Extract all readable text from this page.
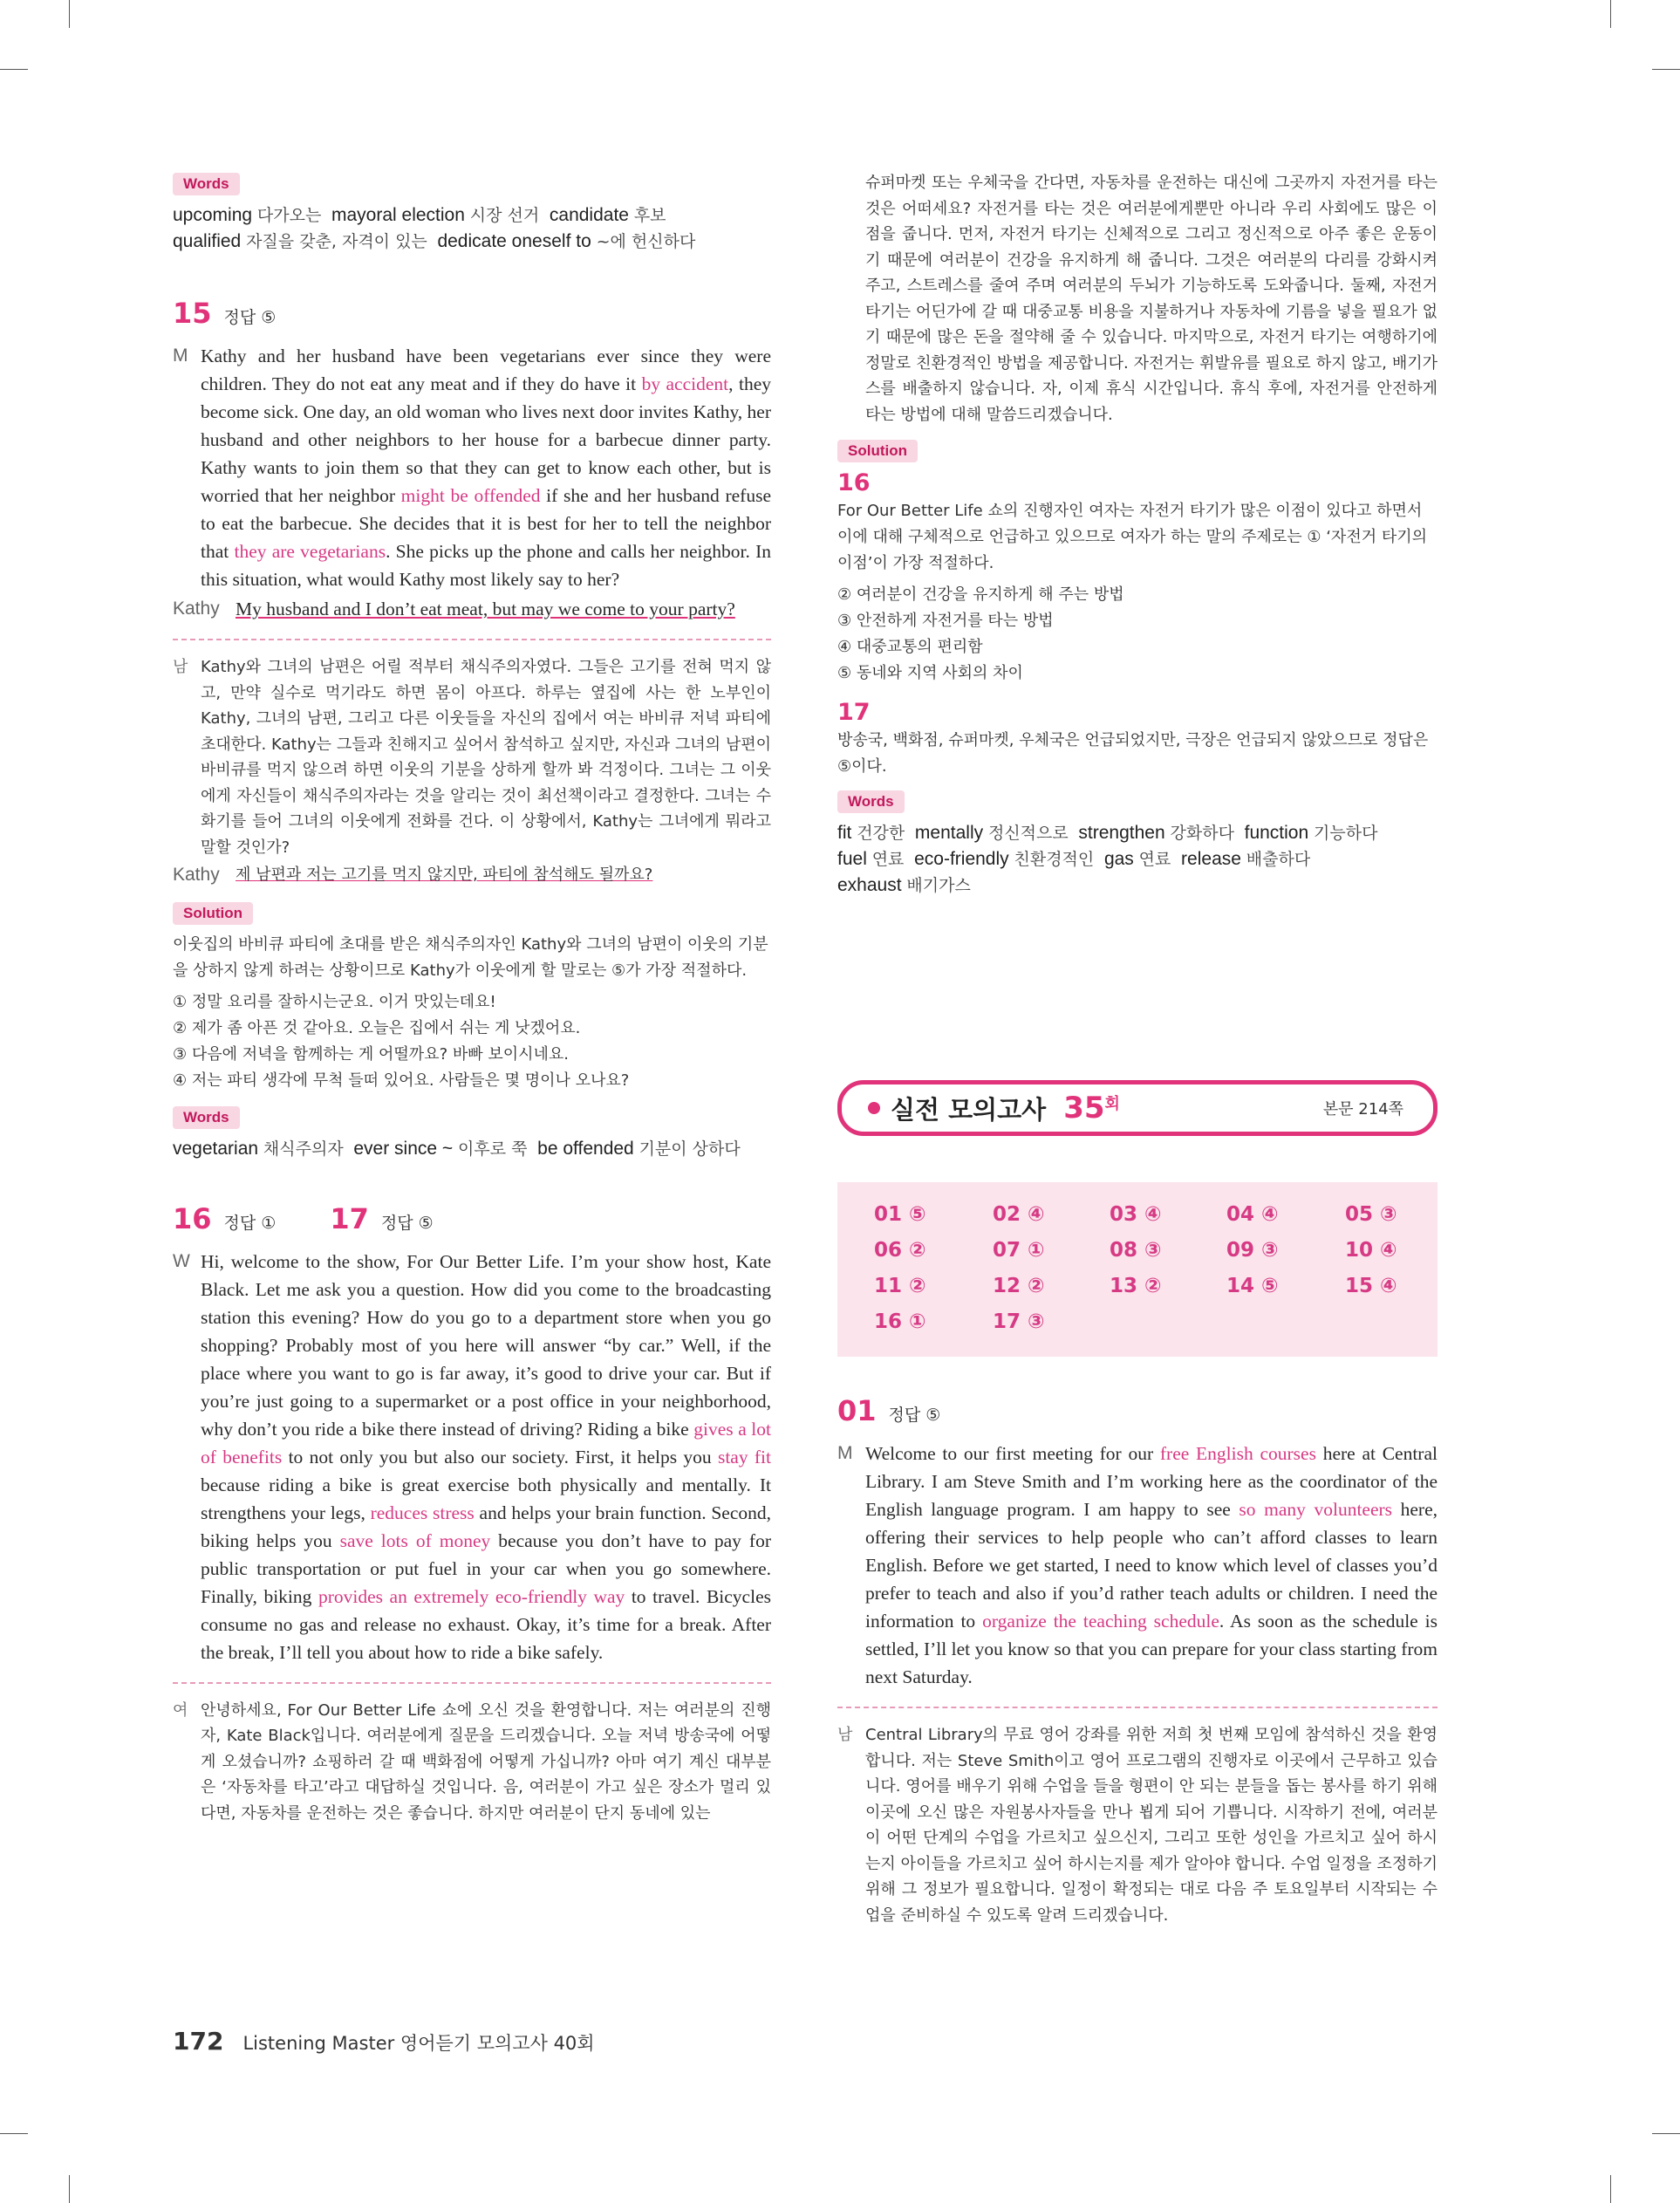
Words
upcoming 다가오는 mayoral election 시장 선거 candidate 후보
qualified 자질을 갖춘, 자격이 있는 dedicate oneself to ~에 헌신하다
15 정답 ⑤
M Kathy and her husband have been vegetarians ever since they were children. They do not eat any meat and if they do have it by accident, they become sick. One day, an old woman who lives next door invites Kathy, her husband and other neighbors to her house for a barbecue dinner party. Kathy wants to join them so that they can get to know each other, but is worried that her neighbor might be offended if she and her husband refuse to eat the barbecue. She decides that it is best for her to tell the neighbor that they are vegetarians. She picks up the phone and calls her neighbor. In this situation, what would Kathy most likely say to her?
Kathy My husband and I don’t eat meat, but may we come to your party?
남 Kathy와 그녀의 남편은 어릴 적부터 채식주의자였다. 그들은 고기를 전혀 먹지 않고, 만약 실수로 먹기라도 하면 몸이 아프다. 하루는 옆집에 사는 한 노부인이 Kathy, 그녀의 남편, 그리고 다른 이웃들을 자신의 집에서 여는 바비큐 저녁 파티에 초대한다. Kathy는 그들과 친해지고 싶어서 참석하고 싶지만, 자신과 그녀의 남편이 바비큐를 먹지 않으려 하면 이웃의 기분을 상하게 할까 봐 걱정이다. 그녀는 그 이웃에게 자신들이 채식주의자라는 것을 알리는 것이 최선책이라고 결정한다. 그녀는 수화기를 들어 그녀의 이웃에게 전화를 건다. 이 상황에서, Kathy는 그녀에게 뭐라고 말할 것인가?
Kathy	제 남편과 저는 고기를 먹지 않지만, 파티에 참석해도 될까요?
Solution
이웃집의 바비큐 파티에 초대를 받은 채식주의자인 Kathy와 그녀의 남편이 이웃의 기분을 상하지 않게 하려는 상황이므로 Kathy가 이웃에게 할 말로는 ⑤가 가장 적절하다.
① 정말 요리를 잘하시는군요. 이거 맛있는데요!
② 제가 좀 아픈 것 같아요. 오늘은 집에서 쉬는 게 낫겠어요.
③ 다음에 저녁을 함께하는 게 어떨까요? 바빠 보이시네요.
④ 저는 파티 생각에 무척 들떠 있어요. 사람들은 몇 명이나 오나요?
Words
vegetarian 채식주의자 ever since ~ 이후로 쭉 be offended 기분이 상하다
16 정답 ① 17 정답 ⑤
W Hi, welcome to the show, For Our Better Life. I’m your show host, Kate Black. Let me ask you a question. How did you come to the broadcasting station this evening? How do you go to a department store when you go shopping? Probably most of you here will answer “by car.” Well, if the place where you want to go is far away, it’s good to drive your car. But if you’re just going to a supermarket or a post office in your neighborhood, why don’t you ride a bike there instead of driving? Riding a bike gives a lot of benefits to not only you but also our society. First, it helps you stay fit because riding a bike is great exercise both physically and mentally. It strengthens your legs, reduces stress and helps your brain function. Second, biking helps you save lots of money because you don’t have to pay for public transportation or put fuel in your car when you go somewhere. Finally, biking provides an extremely eco-friendly way to travel. Bicycles consume no gas and release no exhaust. Okay, it’s time for a break. After the break, I’ll tell you about how to ride a bike safely.
여 안녕하세요, For Our Better Life 쇼에 오신 것을 환영합니다. 저는 여러분의 진행자, Kate Black입니다. 여러분에게 질문을 드리겠습니다. 오늘 저녁 방송국에 어떻게 오셨습니까? 쇼핑하러 갈 때 백화점에 어떻게 가십니까? 아마 여기 계신 대부분은 ‘자동차를 타고’라고 대답하실 것입니다. 음, 여러분이 가고 싶은 장소가 멀리 있다면, 자동차를 운전하는 것은 좋습니다. 하지만 여러분이 단지 동네에 있는
슈퍼마켓 또는 우체국을 간다면, 자동차를 운전하는 대신에 그곳까지 자전거를 타는 것은 어떠세요? 자전거를 타는 것은 여러분에게뿐만 아니라 우리 사회에도 많은 이점을 줍니다. 먼저, 자전거 타기는 신체적으로 그리고 정신적으로 아주 좋은 운동이기 때문에 여러분이 건강을 유지하게 해 줍니다. 그것은 여러분의 다리를 강화시켜 주고, 스트레스를 줄여 주며 여러분의 두뇌가 기능하도록 도와줍니다. 둘째, 자전거 타기는 어딘가에 갈 때 대중교통 비용을 지불하거나 자동차에 기름을 넣을 필요가 없기 때문에 많은 돈을 절약해 줄 수 있습니다. 마지막으로, 자전거 타기는 여행하기에 정말로 친환경적인 방법을 제공합니다. 자전거는 휘발유를 필요로 하지 않고, 배기가스를 배출하지 않습니다. 자, 이제 휴식 시간입니다. 휴식 후에, 자전거를 안전하게 타는 방법에 대해 말씀드리겠습니다.
Solution
16
For Our Better Life 쇼의 진행자인 여자는 자전거 타기가 많은 이점이 있다고 하면서 이에 대해 구체적으로 언급하고 있으므로 여자가 하는 말의 주제로는 ① ‘자전거 타기의 이점’이 가장 적절하다.
② 여러분이 건강을 유지하게 해 주는 방법
③ 안전하게 자전거를 타는 방법
④ 대중교통의 편리함
⑤ 동네와 지역 사회의 차이
17
방송국, 백화점, 슈퍼마켓, 우체국은 언급되었지만, 극장은 언급되지 않았으므로 정답은 ⑤이다.
Words
fit 건강한 mentally 정신적으로 strengthen 강화하다 function 기능하다
fuel 연료 eco-friendly 친환경적인 gas 연료 release 배출하다
exhaust 배기가스
실전 모의고사 35 회	본문 214쪽
01 ⑤	02 ④	03 ④	04 ④	05 ③
06 ②	07 ①	08 ③	09 ③	10 ④
11 ②	12 ②	13 ②	14 ⑤	15 ④
16 ①	17 ③
01 정답 ⑤
M Welcome to our first meeting for our free English courses here at Central Library. I am Steve Smith and I’m working here as the coordinator of the English language program. I am happy to see so many volunteers here, offering their services to help people who can’t afford classes to learn English. Before we get started, I need to know which level of classes you’d prefer to teach and also if you’d rather teach adults or children. I need the information to organize the teaching schedule. As soon as the schedule is settled, I’ll let you know so that you can prepare for your class starting from next Saturday.
남 Central Library의 무료 영어 강좌를 위한 저희 첫 번째 모임에 참석하신 것을 환영합니다. 저는 Steve Smith이고 영어 프로그램의 진행자로 이곳에서 근무하고 있습니다. 영어를 배우기 위해 수업을 들을 형편이 안 되는 분들을 돕는 봉사를 하기 위해 이곳에 오신 많은 자원봉사자들을 만나 뵙게 되어 기쁩니다. 시작하기 전에, 여러분이 어떤 단계의 수업을 가르치고 싶으신지, 그리고 또한 성인을 가르치고 싶어 하시는지 아이들을 가르치고 싶어 하시는지를 제가 알아야 합니다. 수업 일정을 조정하기 위해 그 정보가 필요합니다. 일정이 확정되는 대로 다음 주 토요일부터 시작되는 수업을 준비하실 수 있도록 알려 드리겠습니다.
172 Listening Master 영어듣기 모의고사 40회
